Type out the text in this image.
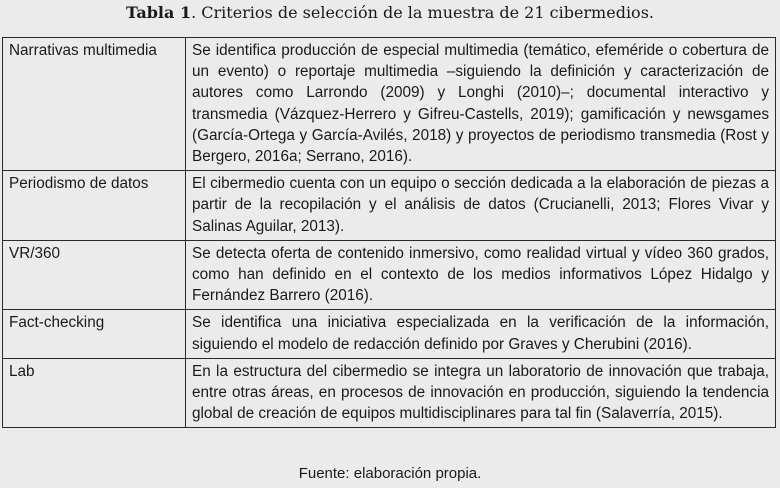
Tabla 1. Criterios de selección de la muestra de 21 cibermedios.
Narrativas multimedia	Se identifica producción de especial multimedia (temático, efeméride o cobertura de un evento) o reportaje multimedia –siguiendo la definición y caracterización de autores como Larrondo (2009) y Longhi (2010)–; documental interactivo y transmedia (Vázquez-Herrero y Gifreu-Castells, 2019); gamificación y newsgames (García-Ortega y García-Avilés, 2018) y proyectos de periodismo transmedia (Rost y Bergero, 2016a; Serrano, 2016).
Periodismo de datos	El cibermedio cuenta con un equipo o sección dedicada a la elaboración de piezas a partir de la recopilación y el análisis de datos (Crucianelli, 2013; Flores Vivar y Salinas Aguilar, 2013).
VR/360	Se detecta oferta de contenido inmersivo, como realidad virtual y vídeo 360 grados, como han definido en el contexto de los medios informativos López Hidalgo y Fernández Barrero (2016).
Fact-checking	Se identifica una iniciativa especializada en la verificación de la información, siguiendo el modelo de redacción definido por Graves y Cherubini (2016).
Lab	En la estructura del cibermedio se integra un laboratorio de innovación que trabaja, entre otras áreas, en procesos de innovación en producción, siguiendo la tendencia global de creación de equipos multidisciplinares para tal fin (Salaverría, 2015).
Fuente: elaboración propia.
